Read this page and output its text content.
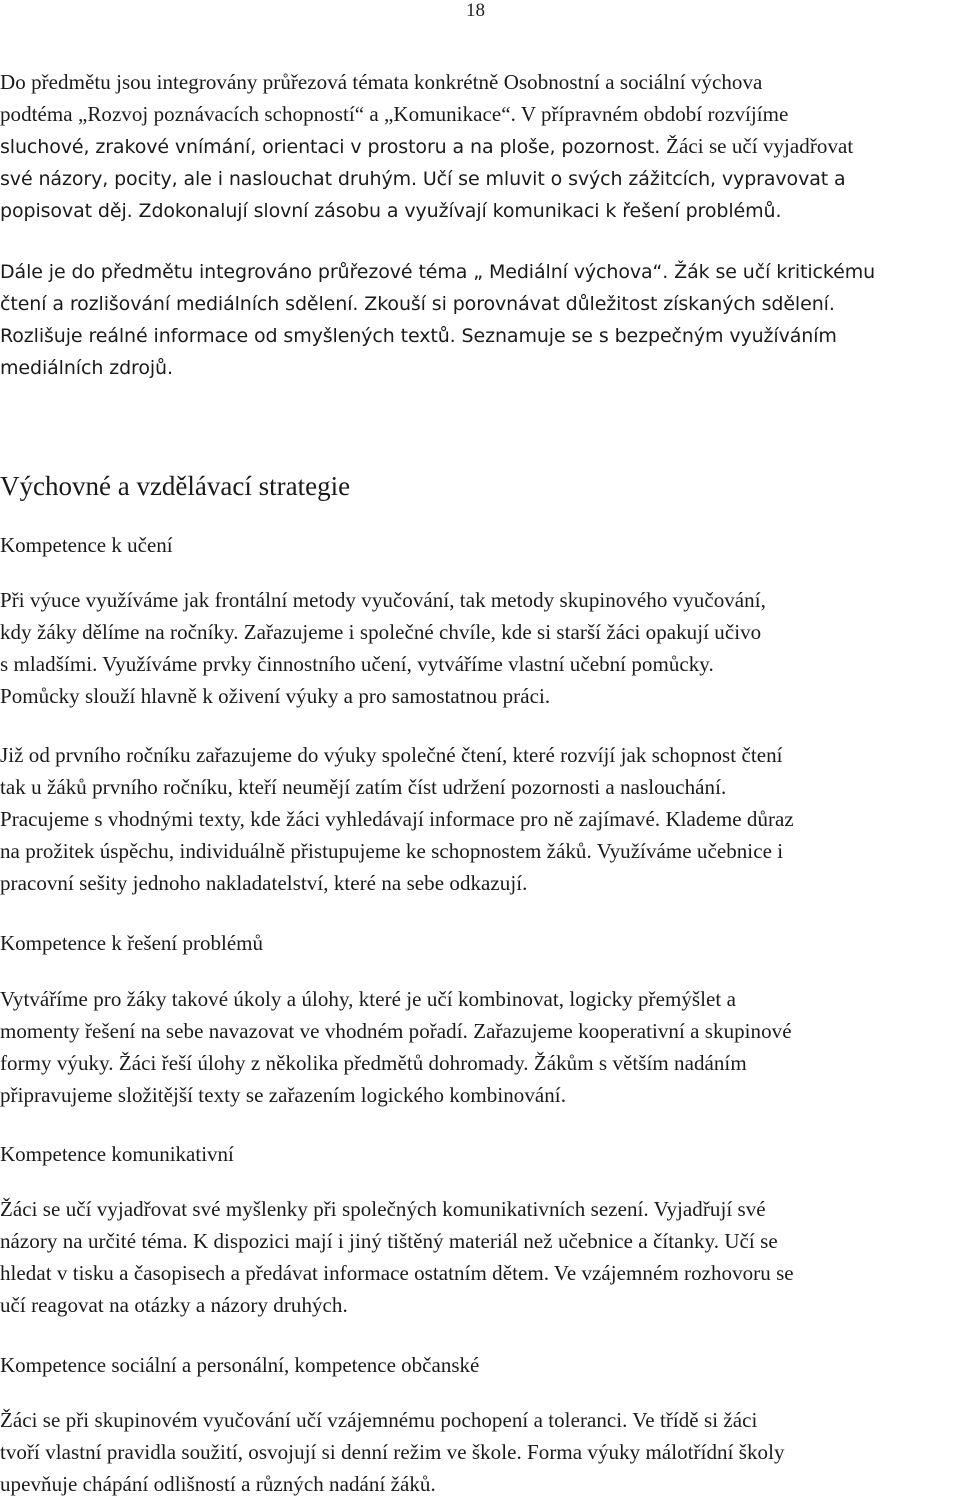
18
Do předmětu jsou integrovány průřezová témata konkrétně Osobnostní a sociální výchova
podtéma „Rozvoj poznávacích schopností“ a „Komunikace“. V přípravném období rozvíjíme
sluchové, zrakové vnímání, orientaci v prostoru a na ploše, pozornost. Žáci se učí vyjadřovat
své názory, pocity, ale i naslouchat druhým. Učí se mluvit o svých zážitcích, vypravovat a
popisovat děj. Zdokonalují slovní zásobu a využívají komunikaci k řešení problémů.
Dále je do předmětu integrováno průřezové téma „ Mediální výchova“. Žák se učí kritickému
čtení a rozlišování mediálních sdělení. Zkouší si porovnávat důležitost získaných sdělení.
Rozlišuje reálné informace od smyšlených textů. Seznamuje se s bezpečným využíváním
mediálních zdrojů.
Výchovné a vzdělávací strategie
Kompetence k učení
Při výuce využíváme jak frontální metody vyučování, tak metody skupinového vyučování,
kdy žáky dělíme na ročníky. Zařazujeme i společné chvíle, kde si starší žáci opakují učivo
s mladšími. Využíváme prvky činnostního učení, vytváříme vlastní učební pomůcky.
Pomůcky slouží hlavně k oživení výuky a pro samostatnou práci.
Již od prvního ročníku zařazujeme do výuky společné čtení, které rozvíjí jak schopnost čtení
tak u žáků prvního ročníku, kteří neumějí zatím číst udržení pozornosti a naslouchání.
Pracujeme s vhodnými texty, kde žáci vyhledávají informace pro ně zajímavé. Klademe důraz
na prožitek úspěchu, individuálně přistupujeme ke schopnostem žáků. Využíváme učebnice i
pracovní sešity jednoho nakladatelství, které na sebe odkazují.
Kompetence k řešení problémů
Vytváříme pro žáky takové úkoly a úlohy, které je učí kombinovat, logicky přemýšlet a
momenty řešení na sebe navazovat ve vhodném pořadí. Zařazujeme kooperativní a skupinové
formy výuky. Žáci řeší úlohy z několika předmětů dohromady. Žákům s větším nadáním
připravujeme složitější texty se zařazením logického kombinování.
Kompetence komunikativní
Žáci se učí vyjadřovat své myšlenky při společných komunikativních sezení. Vyjadřují své
názory na určité téma. K dispozici mají i jiný tištěný materiál než učebnice a čítanky. Učí se
hledat v tisku a časopisech a předávat informace ostatním dětem. Ve vzájemném rozhovoru se
učí reagovat na otázky a názory druhých.
Kompetence sociální a personální, kompetence občanské
Žáci se při skupinovém vyučování učí vzájemnému pochopení a toleranci. Ve třídě si žáci
tvoří vlastní pravidla soužití, osvojují si denní režim ve škole. Forma výuky málotřídní školy
upevňuje chápání odlišností a různých nadání žáků.
